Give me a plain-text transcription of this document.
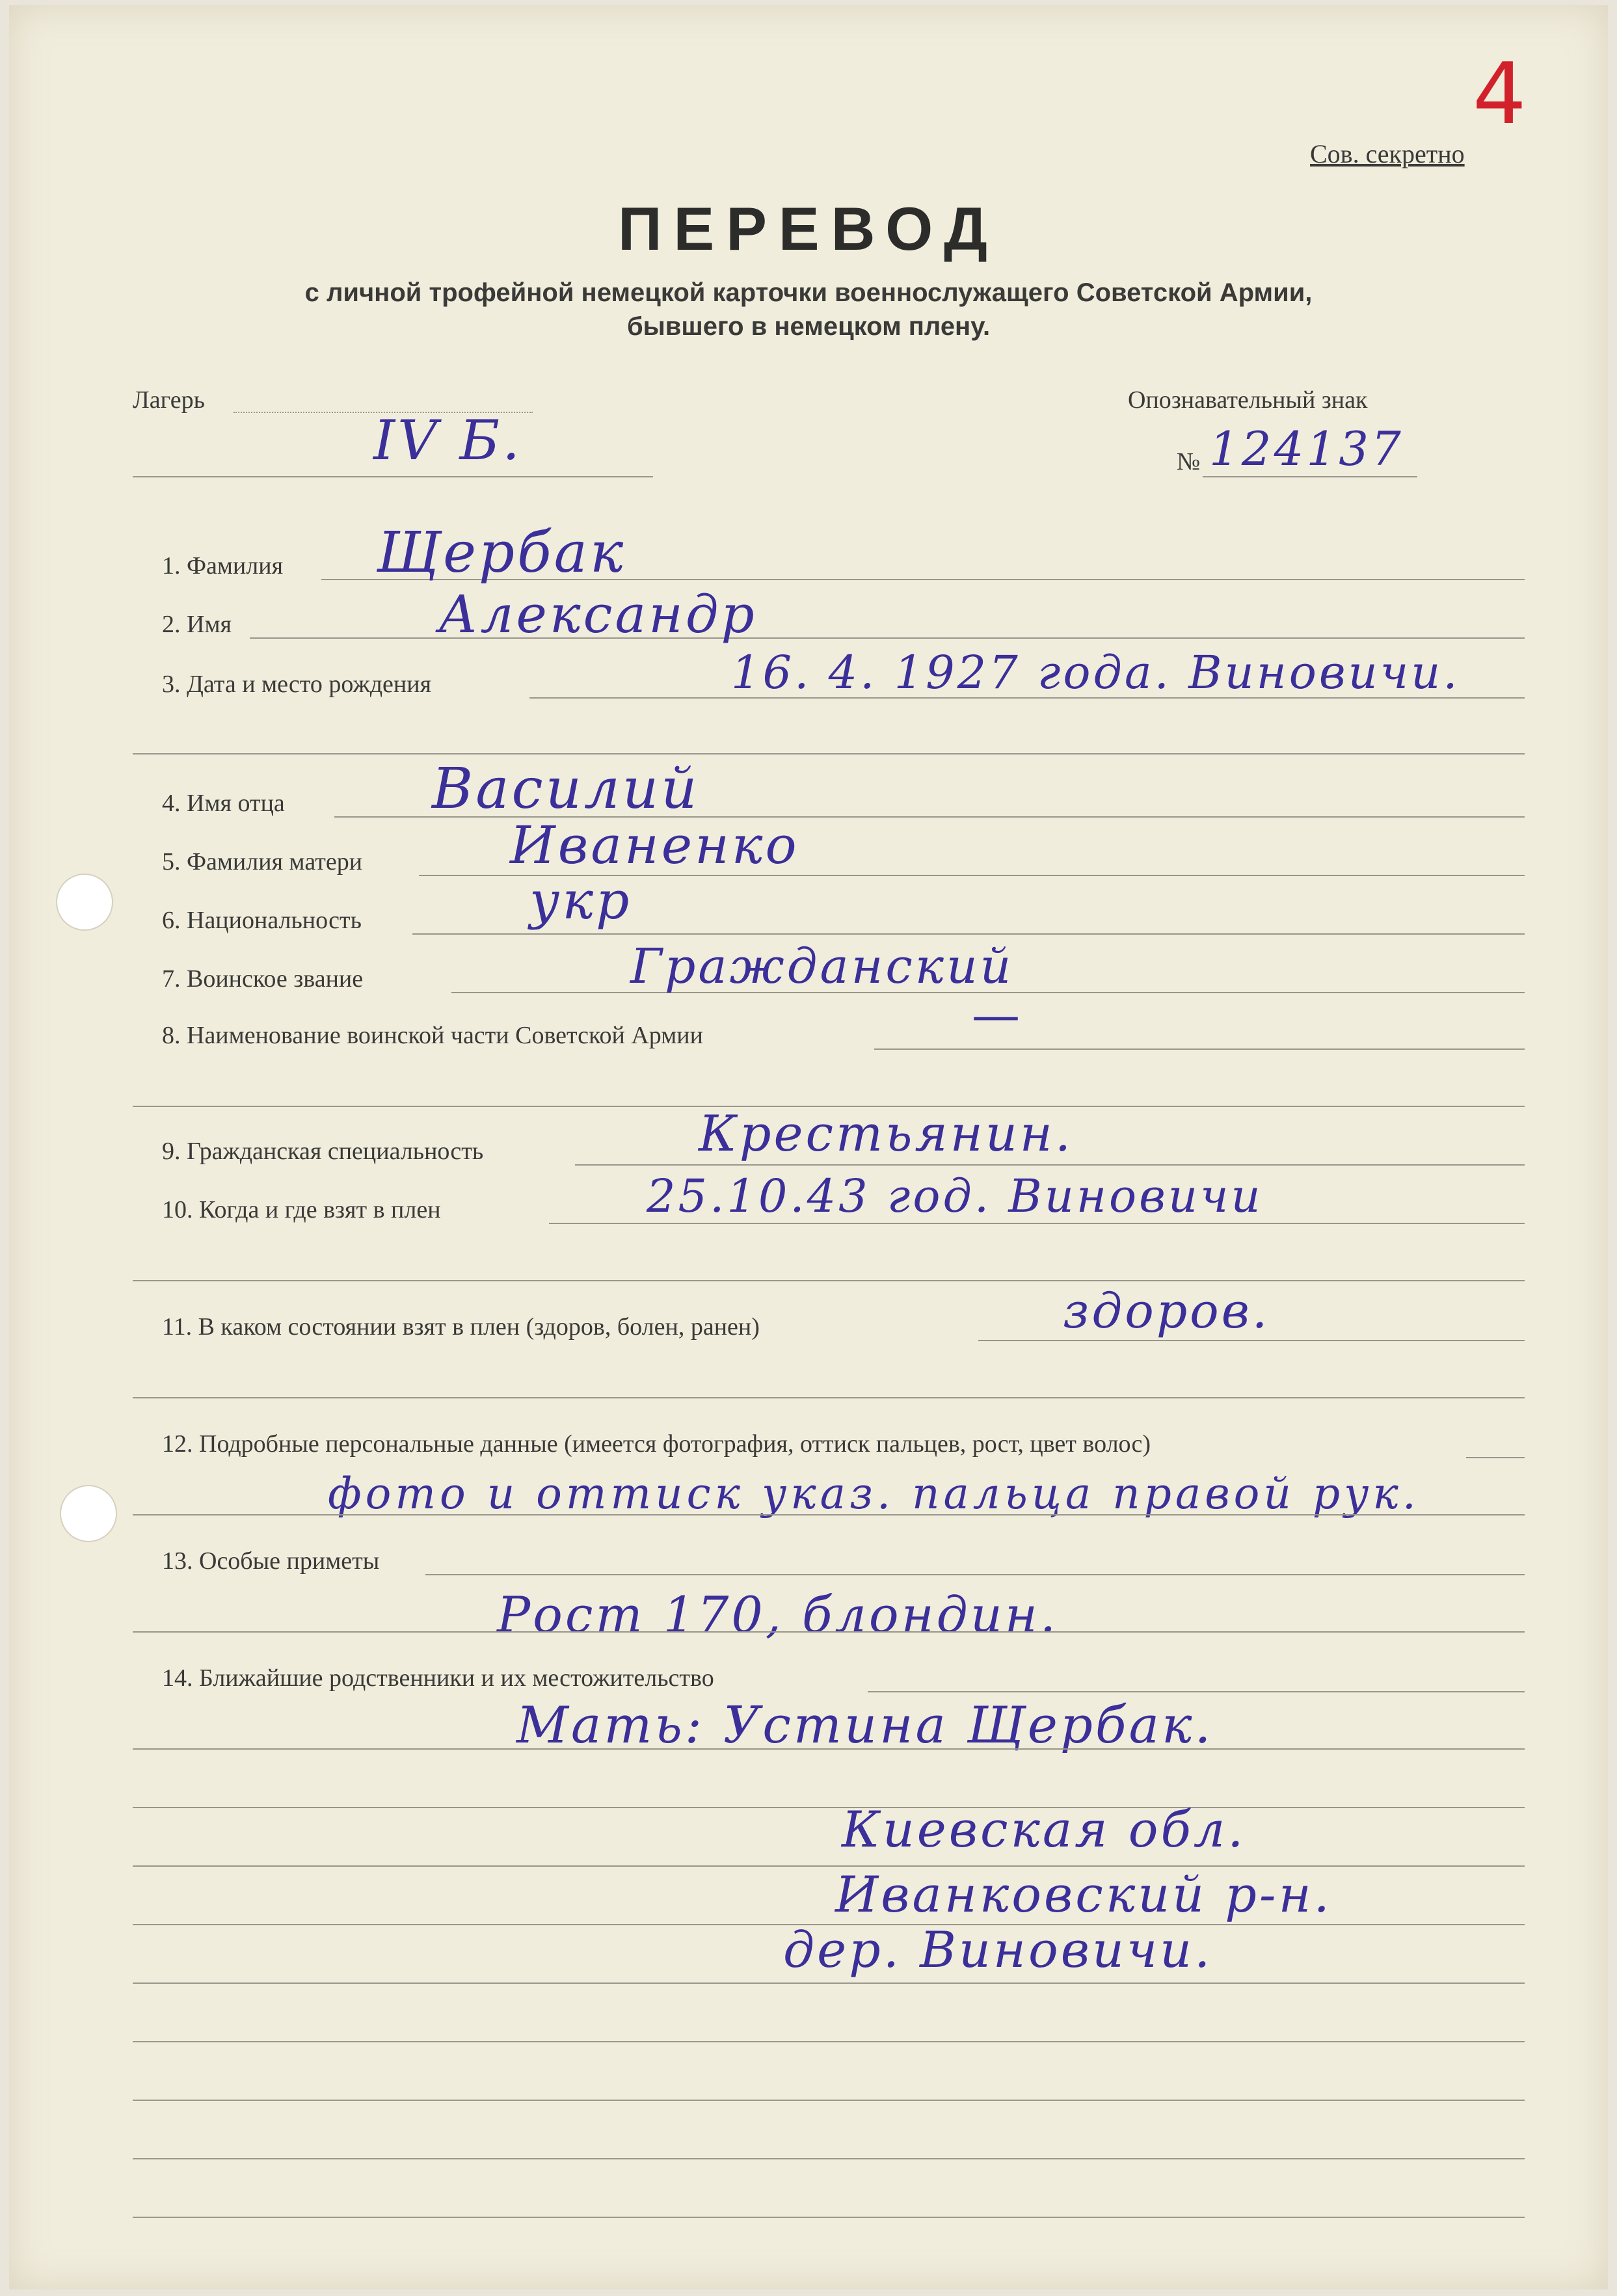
4
Сов. секретно
ПЕРЕВОД
с личной трофейной немецкой карточки военнослужащего Советской Армии,
бывшего в немецком плену.
Лагерь
IV Б.
Опознавательный знак
№ 124137
1. Фамилия Щербак
2. Имя	Александр
3. Дата и место рождения	16. 4. 1927 года. Виновичи.
4. Имя отца	Василий
5. Фамилия матери	Иваненко
6. Национальность	укр
7. Воинское звание	Гражданский
8. Наименование воинской части Советской Армии	—
9. Гражданская специальность	Крестьянин.
10. Когда и где взят в плен	25.10.43 год. Виновичи
11. В каком состоянии взят в плен (здоров, болен, ранен)	здоров.
12. Подробные персональные данные (имеется фотография, оттиск пальцев, рост, цвет волос)
фото и оттиск указ. пальца правой рук.
13. Особые приметы
Рост 170, блондин.
14. Ближайшие родственники и их местожительство
Мать: Устина Щербак.
Киевская обл.
Иванковский р-н.
дер. Виновичи.
